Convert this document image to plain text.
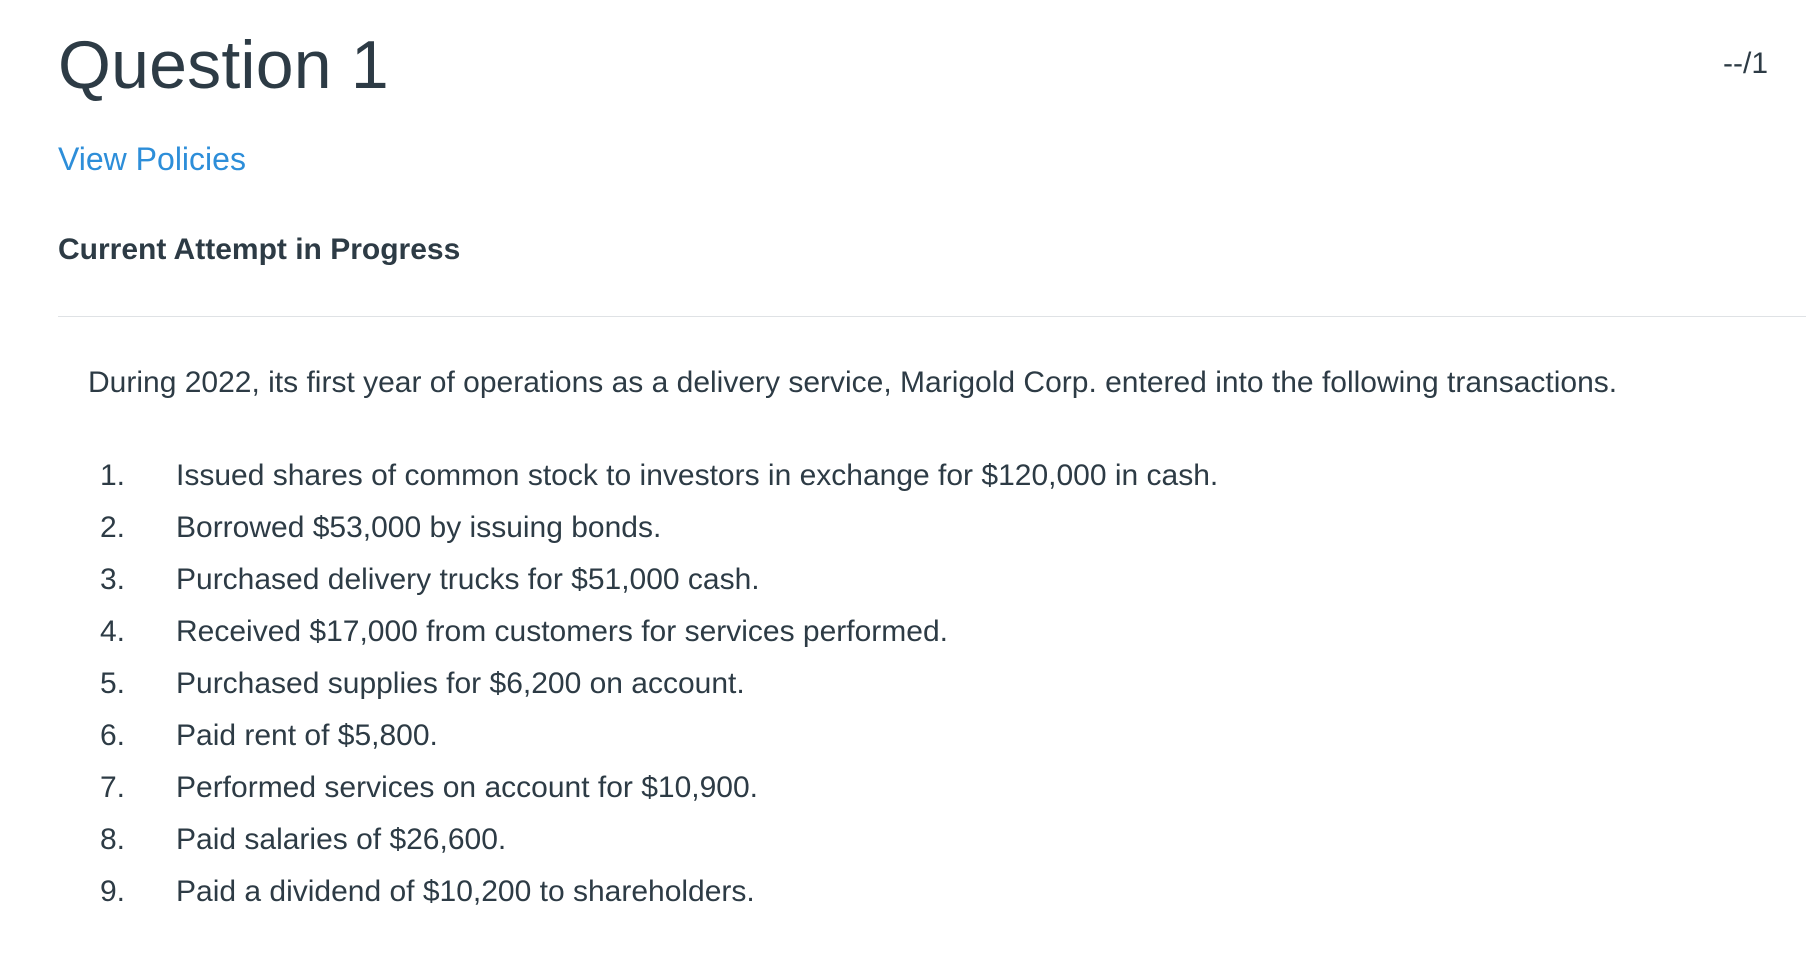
Question 1	--/1
View Policies
Current Attempt in Progress

During 2022, its first year of operations as a delivery service, Marigold Corp. entered into the following transactions.

1. Issued shares of common stock to investors in exchange for $120,000 in cash.
2. Borrowed $53,000 by issuing bonds.
3. Purchased delivery trucks for $51,000 cash.
4. Received $17,000 from customers for services performed.
5. Purchased supplies for $6,200 on account.
6. Paid rent of $5,800.
7. Performed services on account for $10,900.
8. Paid salaries of $26,600.
9. Paid a dividend of $10,200 to shareholders.
